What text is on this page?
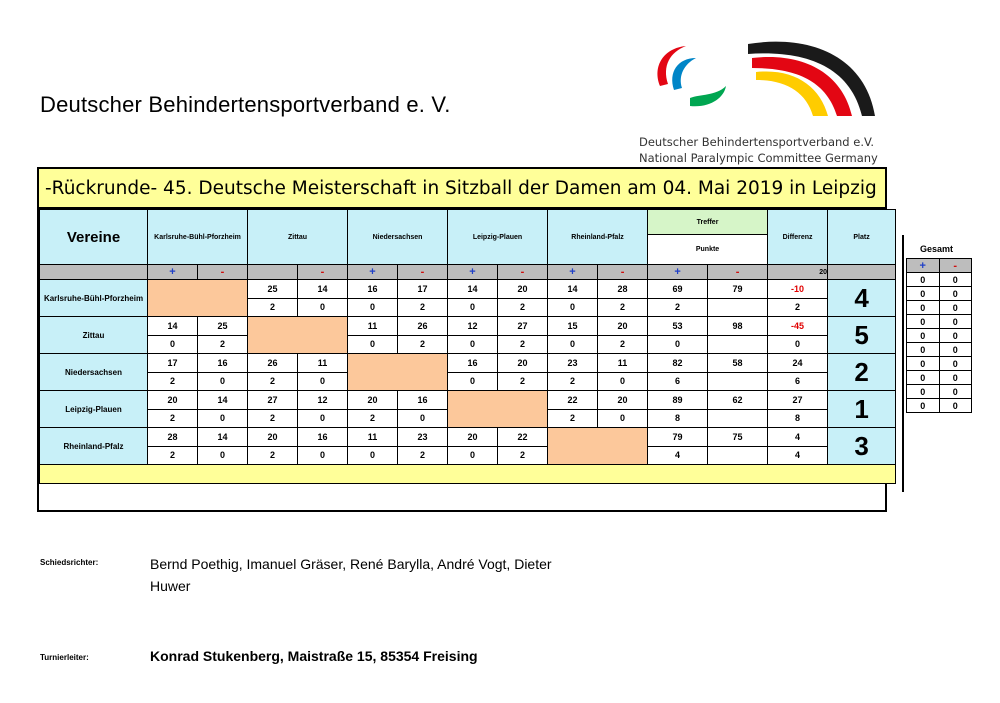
Deutscher Behindertensportverband e. V.
Deutscher Behindertensportverband e.V.
National Paralympic Committee Germany
-Rückrunde- 45. Deutsche Meisterschaft in Sitzball der Damen am 04. Mai 2019 in Leipzig
Vereine	Karlsruhe-Bühl-Pforzheim		Zittau		Niedersachsen		Leipzig-Plauen		Rheinland-Pfalz		Treffer		Differenz	Platz
											Punkte			
	+	-		-	+	-	+	-	+	-	+	-	20	
Karlsruhe-Bühl-Pforzheim			25	14	16	17	14	20	14	28	69	79	-10	4
			2	0	0	2	0	2	0	2	2		2	
Zittau	14	25			11	26	12	27	15	20	53	98	-45	5
	0	2			0	2	0	2	0	2	0		0	
Niedersachsen	17	16	26	11			16	20	23	11	82	58	24	2
	2	0	2	0			0	2	2	0	6		6	
Leipzig-Plauen	20	14	27	12	20	16			22	20	89	62	27	1
	2	0	2	0	2	0			2	0	8		8	
Rheinland-Pfalz	28	14	20	16	11	23	20	22			79	75	4	3
	2	0	2	0	0	2	0	2			4		4	

Gesamt
+	-
0	0
0	0
0	0
0	0
0	0
0	0
0	0
0	0
0	0
0	0
Schiedsrichter:	Bernd Poethig, Imanuel Gräser, René Barylla, André Vogt, Dieter
Huwer
Turnierleiter:	Konrad Stukenberg, Maistraße 15, 85354 Freising
